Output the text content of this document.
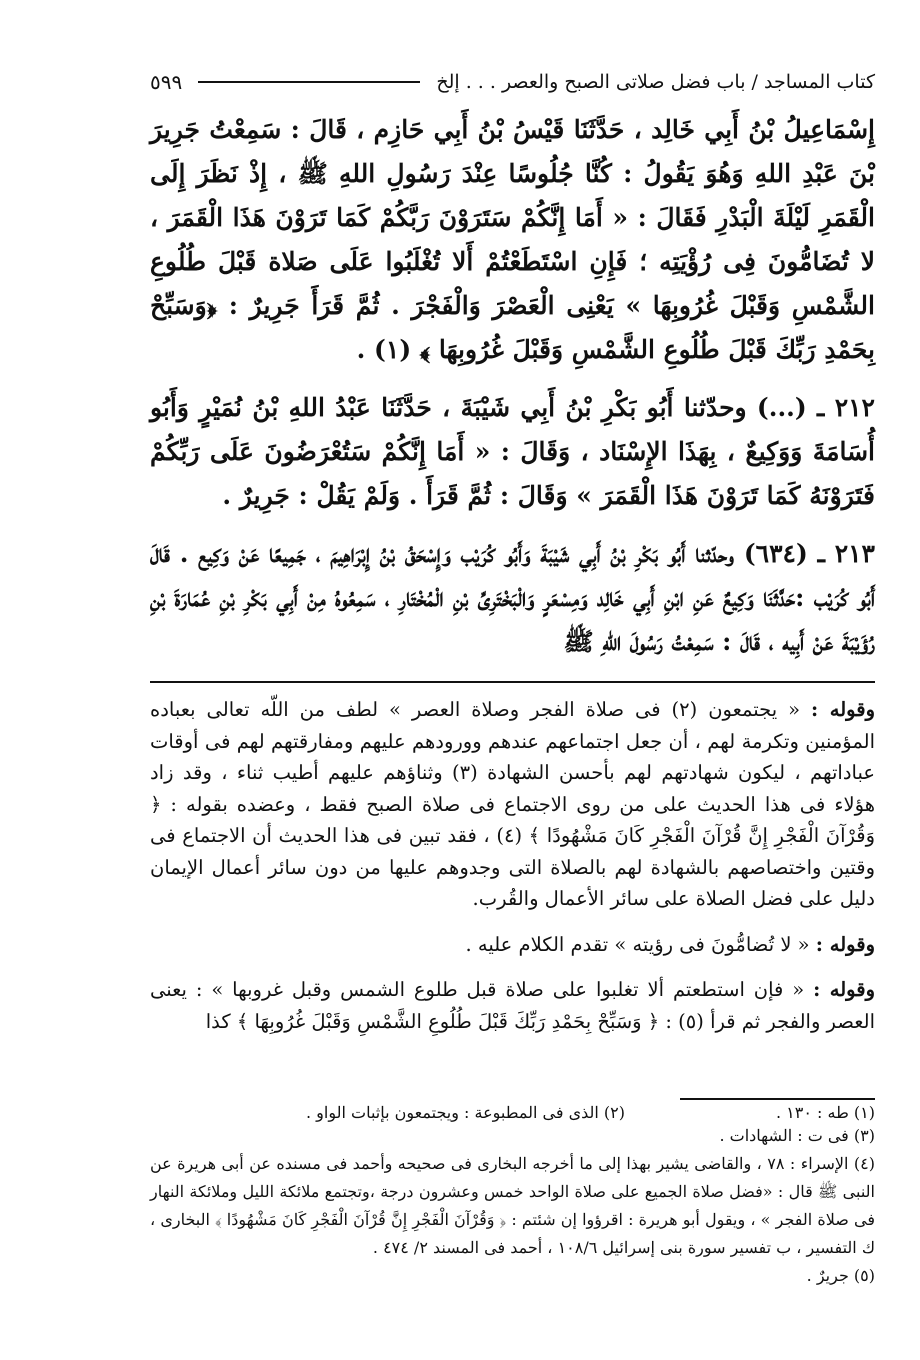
كتاب المساجد / باب فضل صلاتى الصبح والعصر . . . إلخ
٥٩٩

إِسْمَاعِيلُ بْنُ أَبِي خَالِد ، حَدَّثَنَا قَيْسُ بْنُ أَبِي حَازِم ، قَالَ : سَمِعْتُ جَرِيرَ بْنَ عَبْدِ اللهِ وَهُوَ يَقُولُ : كُنَّا جُلُوسًا عِنْدَ رَسُولِ اللهِ ﷺ ، إِذْ نَظَرَ إِلَى الْقَمَرِ لَيْلَةَ الْبَدْرِ فَقَالَ : « أَمَا إِنَّكُمْ سَتَرَوْنَ رَبَّكُمْ كَمَا تَرَوْنَ هَذَا الْقَمَرَ ، لا تُضَامُّونَ فِى رُؤْيَتِه ؛ فَإِنِ اسْتَطَعْتُمْ أَلا تُغْلَبُوا عَلَى صَلاة قَبْلَ طُلُوعِ الشَّمْسِ وَقَبْلَ غُرُوبِهَا » يَعْنِى الْعَصْرَ وَالْفَجْرَ . ثُمَّ قَرَأَ جَرِيرٌ : ﴿وَسَبِّحْ بِحَمْدِ رَبِّكَ قَبْلَ طُلُوعِ الشَّمْسِ وَقَبْلَ غُرُوبِهَا ﴾ (١) .

٢١٢ ـ (...) وحدّثنا أَبُو بَكْرِ بْنُ أَبِي شَيْبَةَ ، حَدَّثَنَا عَبْدُ اللهِ بْنُ نُمَيْرٍ وَأَبُو أُسَامَةَ وَوَكِيعٌ ، بِهَذَا الإِسْنَاد ، وَقَالَ : « أَمَا إِنَّكُمْ سَتُعْرَضُونَ عَلَى رَبِّكُمْ فَتَرَوْنَهُ كَمَا تَرَوْنَ هَذَا الْقَمَرَ » وَقَالَ : ثُمَّ قَرَأَ . وَلَمْ يَقُلْ : جَرِيرٌ .

٢١٣ ـ (٦٣٤) وحدّثنا أَبُو بَكْرِ بْنُ أَبِي شَيْبَةَ وَأَبُو كُرَيْب وَإِسْحَقُ بْنُ إِبْرَاهِيمَ ، جَمِيعًا عَنْ وَكِيع . قَالَ أَبُو كُرَيْب :حَدَّثَنَا وَكِيعٌ عَنِ ابْنِ أَبِي خَالِد وَمِسْعَرٍ وَالْبَخْتَرِىِّ بْنِ الْمُخْتَارِ ، سَمِعُوهُ مِنْ أَبِي بَكْرِ بْنِ عُمَارَةَ بْنِ رُؤَيْبَةَ عَنْ أَبِيه ، قَالَ : سَمِعْتُ رَسُولَ اللهِ ﷺ

وقوله : « يجتمعون (٢) فى صلاة الفجر وصلاة العصر » لطف من اللّه تعالى بعباده المؤمنين وتكرمة لهم ، أن جعل اجتماعهم عندهم وورودهم عليهم ومفارقتهم لهم فى أوقات عباداتهم ، ليكون شهادتهم لهم بأحسن الشهادة (٣) وثناؤهم عليهم أطيب ثناء ، وقد زاد هؤلاء فى هذا الحديث على من روى الاجتماع فى صلاة الصبح فقط ، وعضده بقوله : ﴿ وَقُرْآنَ الْفَجْرِ إِنَّ قُرْآنَ الْفَجْرِ كَانَ مَشْهُودًا ﴾ (٤) ، فقد تبين فى هذا الحديث أن الاجتماع فى وقتين واختصاصهم بالشهادة لهم بالصلاة التى وجدوهم عليها من دون سائر أعمال الإيمان دليل على فضل الصلاة على سائر الأعمال والقُرب.

وقوله : « لا تُضامُّونَ فى رؤيته » تقدم الكلام عليه .

وقوله : « فإن استطعتم ألا تغلبوا على صلاة قبل طلوع الشمس وقبل غروبها » : يعنى العصر والفجر ثم قرأ (٥) : ﴿ وَسَبِّحْ بِحَمْدِ رَبِّكَ قَبْلَ طُلُوعِ الشَّمْسِ وَقَبْلَ غُرُوبِهَا ﴾ كذا

(١) طه : ١٣٠ .
(٢) الذى فى المطبوعة : ويجتمعون بإثبات الواو .

(٣) فى ت : الشهادات .

(٤) الإسراء : ٧٨ ، والقاضى يشير بهذا إلى ما أخرجه البخارى فى صحيحه وأحمد فى مسنده عن أبى هريرة عن النبى ﷺ قال : «فضل صلاة الجميع على صلاة الواحد خمس وعشرون درجة ،وتجتمع ملائكة الليل وملائكة النهار فى صلاة الفجر » ، ويقول أبو هريرة : اقرؤوا إن شئتم : ﴿ وَقُرْآنَ الْفَجْرِ إِنَّ قُرْآنَ الْفَجْرِ كَانَ مَشْهُودًا ﴾ البخارى ، ك التفسير ، ب تفسير سورة بنى إسرائيل ١٠٨/٦ ، أحمد فى المسند ٢/ ٤٧٤ .

(٥) جريرٌ .
